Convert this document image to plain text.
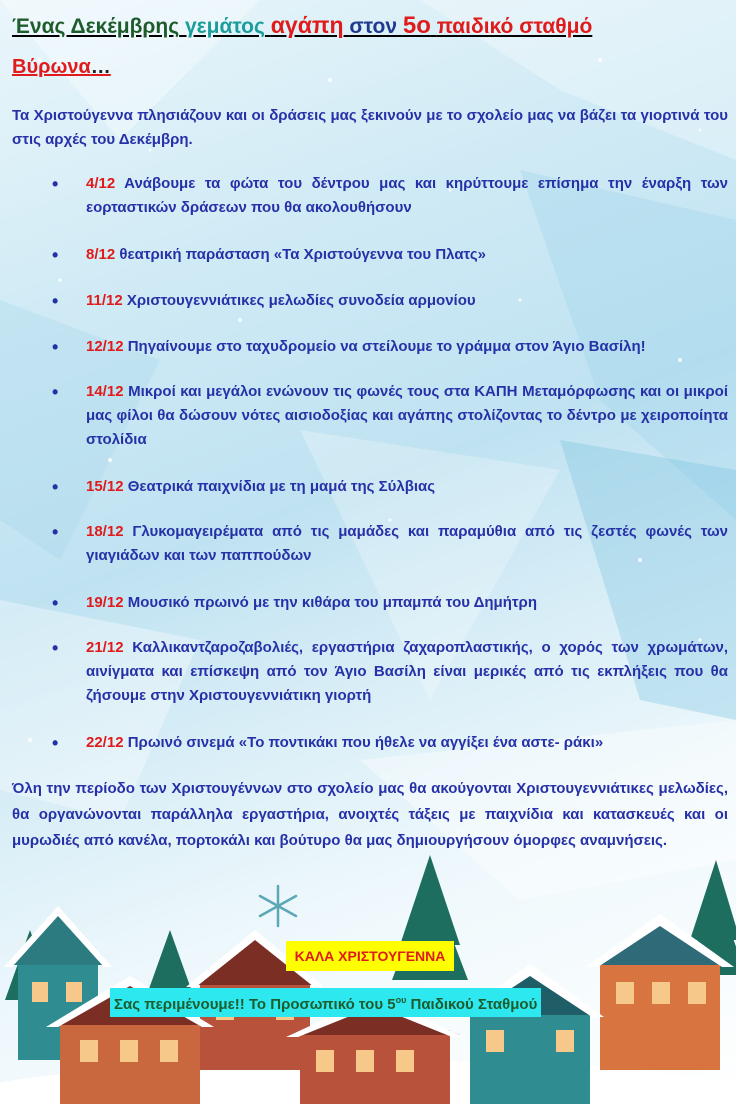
Ένας Δεκέμβρης γεμάτος αγάπη στον 5ο παιδικό σταθμό
Βύρωνα…
Τα Χριστούγεννα πλησιάζουν και οι δράσεις μας ξεκινούν με το σχολείο μας να βάζει τα γιορτινά του στις αρχές του Δεκέμβρη.
• 4/12 Ανάβουμε τα φώτα του δέντρου μας και κηρύττουμε επίσημα την έναρξη των εορταστικών δράσεων που θα ακολουθήσουν
• 8/12 θεατρική παράσταση «Τα Χριστούγεννα του Πλατς»
• 11/12 Χριστουγεννιάτικες μελωδίες συνοδεία αρμονίου
• 12/12 Πηγαίνουμε στο ταχυδρομείο να στείλουμε το γράμμα στον Άγιο Βασίλη!
• 14/12 Μικροί και μεγάλοι ενώνουν τις φωνές τους στα ΚΑΠΗ Μεταμόρφωσης και οι μικροί μας φίλοι θα δώσουν νότες αισιοδοξίας και αγάπης στολίζοντας το δέντρο με χειροποίητα στολίδια
• 15/12 Θεατρικά παιχνίδια με τη μαμά της Σύλβιας
• 18/12 Γλυκομαγειρέματα από τις μαμάδες και παραμύθια από τις ζεστές φωνές των γιαγιάδων και των παππούδων
• 19/12 Μουσικό πρωινό με την κιθάρα του μπαμπά του Δημήτρη
• 21/12 Καλλικαντζαροζαβολιές, εργαστήρια ζαχαροπλαστικής, ο χορός των χρωμάτων, αινίγματα και επίσκεψη από τον Άγιο Βασίλη είναι μερικές από τις εκπλήξεις που θα ζήσουμε στην Χριστουγεννιάτικη γιορτή
• 22/12 Πρωινό σινεμά «Το ποντικάκι που ήθελε να αγγίξει ένα αστε- ράκι»
Όλη την περίοδο των Χριστουγέννων στο σχολείο μας θα ακούγονται Χριστουγεννιάτικες μελωδίες, θα οργανώνονται παράλληλα εργαστήρια, ανοιχτές τάξεις με παιχνίδια και κατασκευές και οι μυρωδιές από κανέλα, πορτοκάλι και βούτυρο θα μας δημιουργήσουν όμορφες αναμνήσεις.
ΚΑΛΑ ΧΡΙΣΤΟΥΓΕΝΝΑ
Σας περιμένουμε!! Το Προσωπικό του $5^{o\upsilon}$ Παιδικού Σταθμού
